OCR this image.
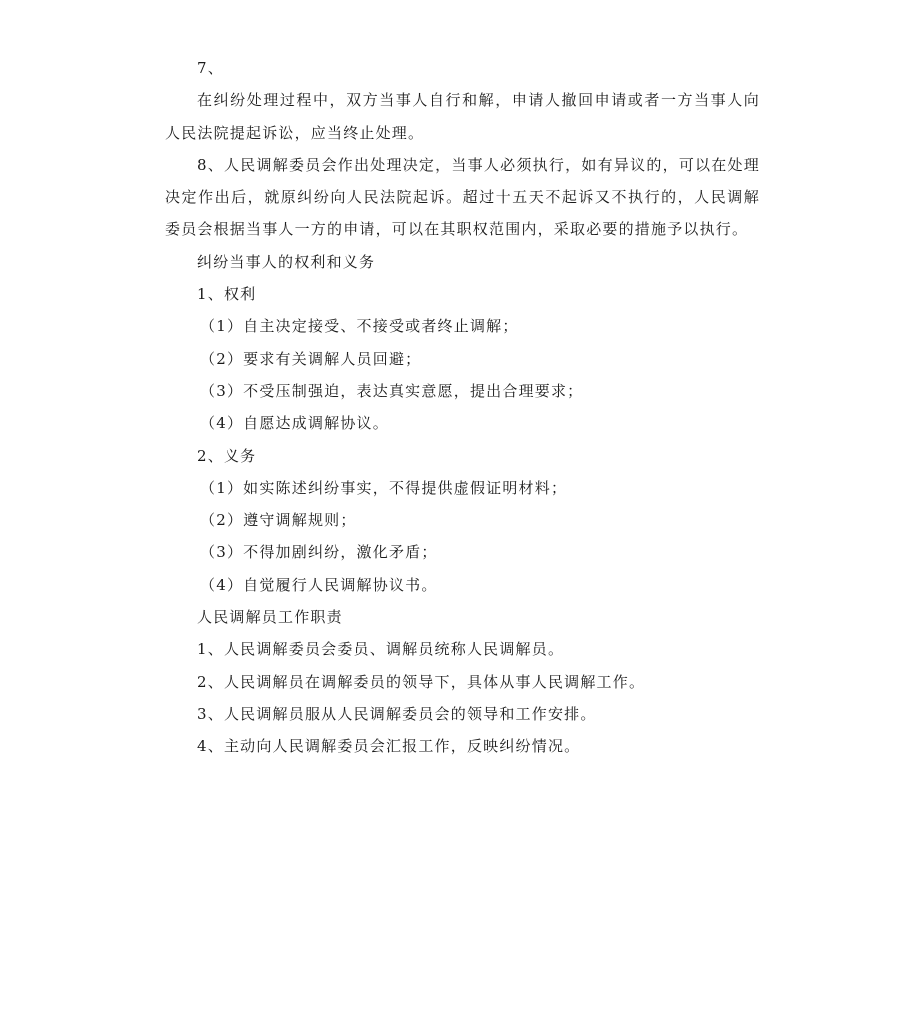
7、

在纠纷处理过程中，双方当事人自行和解，申请人撤回申请或者一方当事人向人民法院提起诉讼，应当终止处理。

8、人民调解委员会作出处理决定，当事人必须执行，如有异议的，可以在处理决定作出后，就原纠纷向人民法院起诉。超过十五天不起诉又不执行的，人民调解委员会根据当事人一方的申请，可以在其职权范围内，采取必要的措施予以执行。

纠纷当事人的权利和义务

1、权利

（1）自主决定接受、不接受或者终止调解；

（2）要求有关调解人员回避；

（3）不受压制强迫，表达真实意愿，提出合理要求；

（4）自愿达成调解协议。

2、义务

（1）如实陈述纠纷事实，不得提供虚假证明材料；

（2）遵守调解规则；

（3）不得加剧纠纷，激化矛盾；

（4）自觉履行人民调解协议书。

人民调解员工作职责

1、人民调解委员会委员、调解员统称人民调解员。

2、人民调解员在调解委员的领导下，具体从事人民调解工作。

3、人民调解员服从人民调解委员会的领导和工作安排。

4、主动向人民调解委员会汇报工作，反映纠纷情况。
